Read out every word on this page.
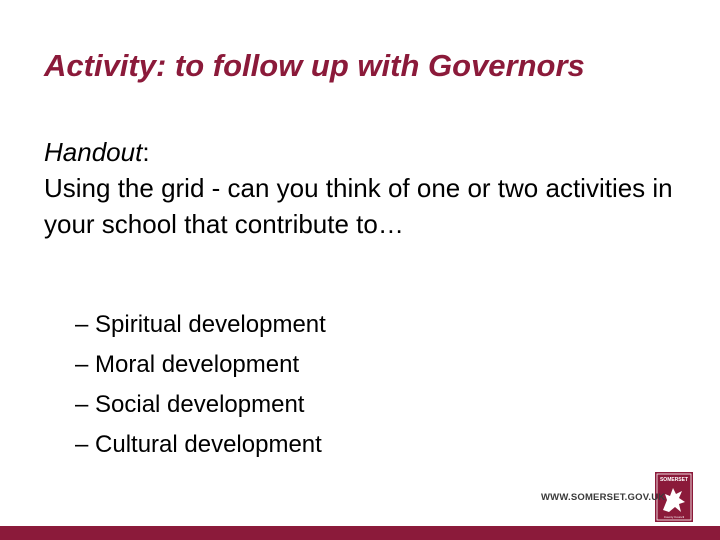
Activity: to follow up with Governors

Handout:

Using the grid - can you think of one or two activities in your school that contribute to…

– Spiritual development
– Moral development
– Social development
– Cultural development
SOMERSET
County Council
WWW.SOMERSET.GOV.UK
